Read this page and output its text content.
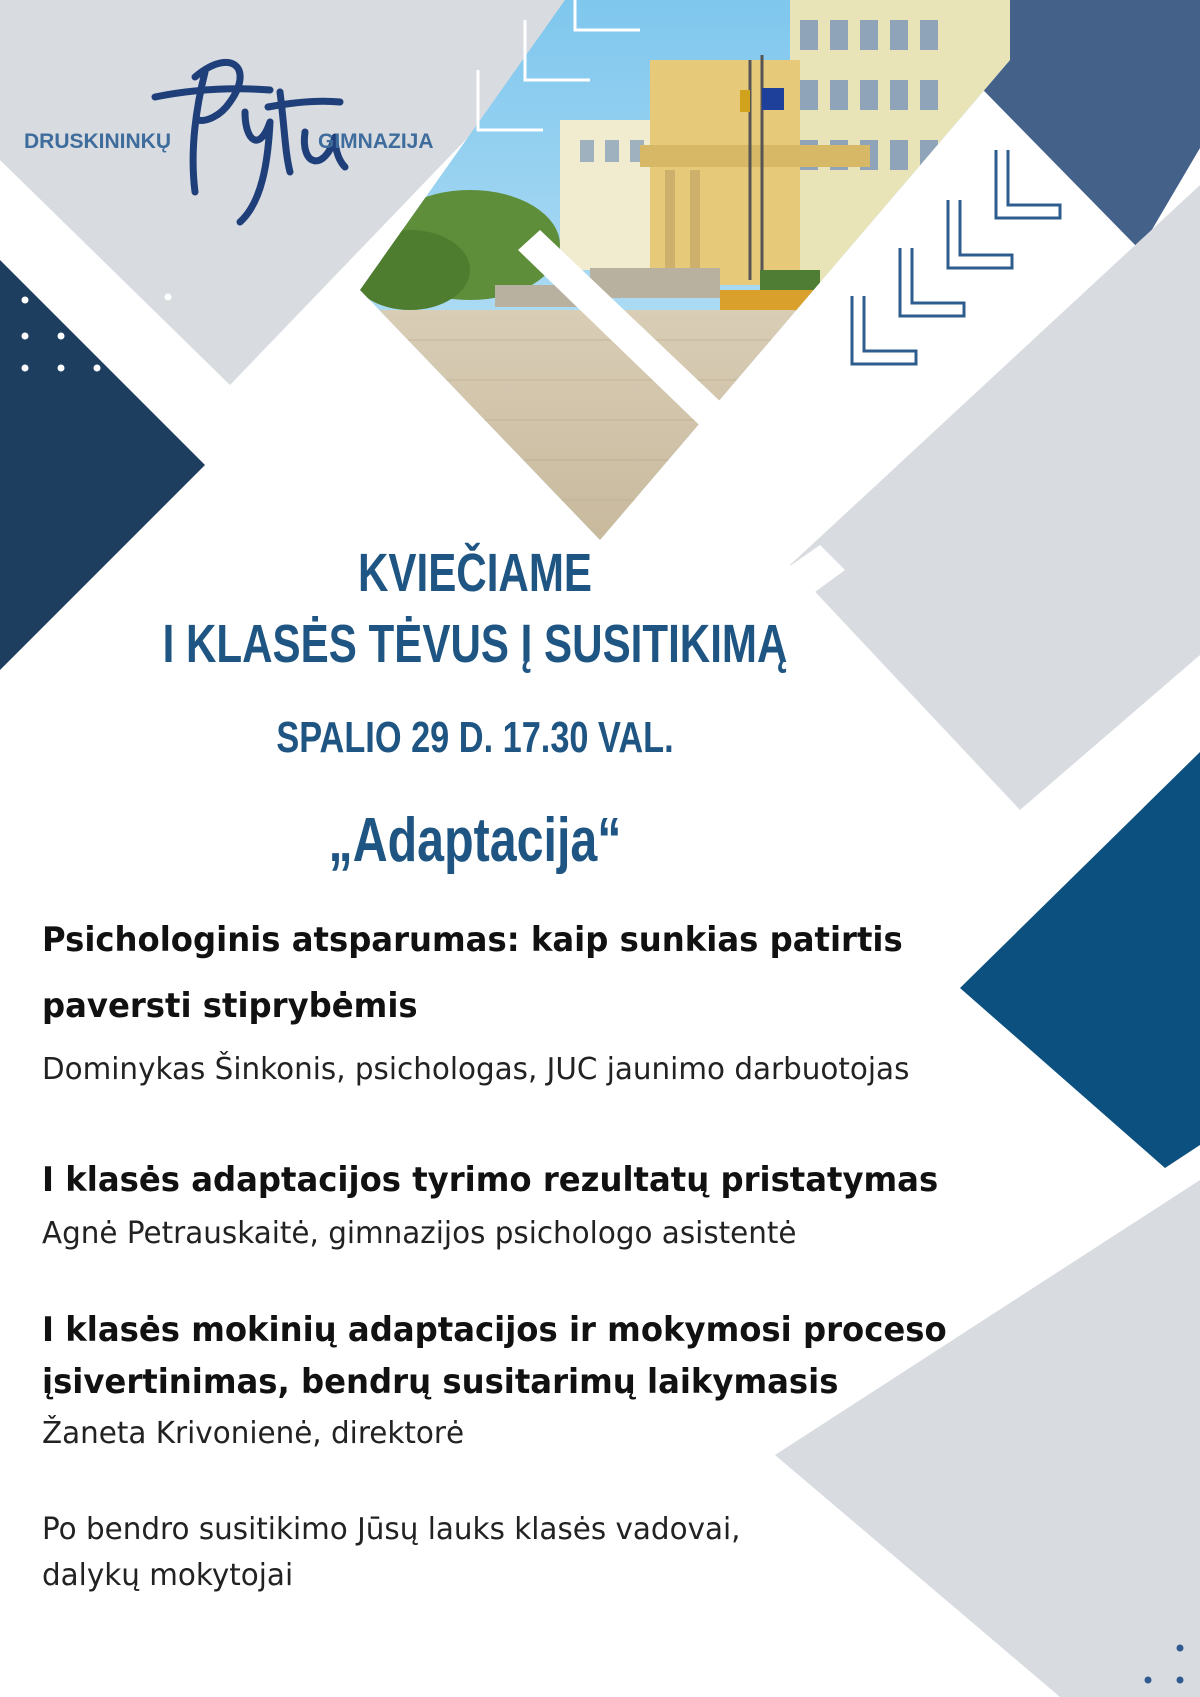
DRUSKININKŲ	GIMNAZIJA
KVIEČIAME
I KLASĖS TĖVUS Į SUSITIKIMĄ
SPALIO 29 D. 17.30 VAL.
„Adaptacija“
Psichologinis atsparumas: kaip sunkias patirtis
paversti stiprybėmis
Dominykas Šinkonis, psichologas, JUC jaunimo darbuotojas
I klasės adaptacijos tyrimo rezultatų pristatymas
Agnė Petrauskaitė, gimnazijos psichologo asistentė
I klasės mokinių adaptacijos ir mokymosi proceso
įsivertinimas, bendrų susitarimų laikymasis
Žaneta Krivonienė, direktorė
Po bendro susitikimo Jūsų lauks klasės vadovai,
dalykų mokytojai
